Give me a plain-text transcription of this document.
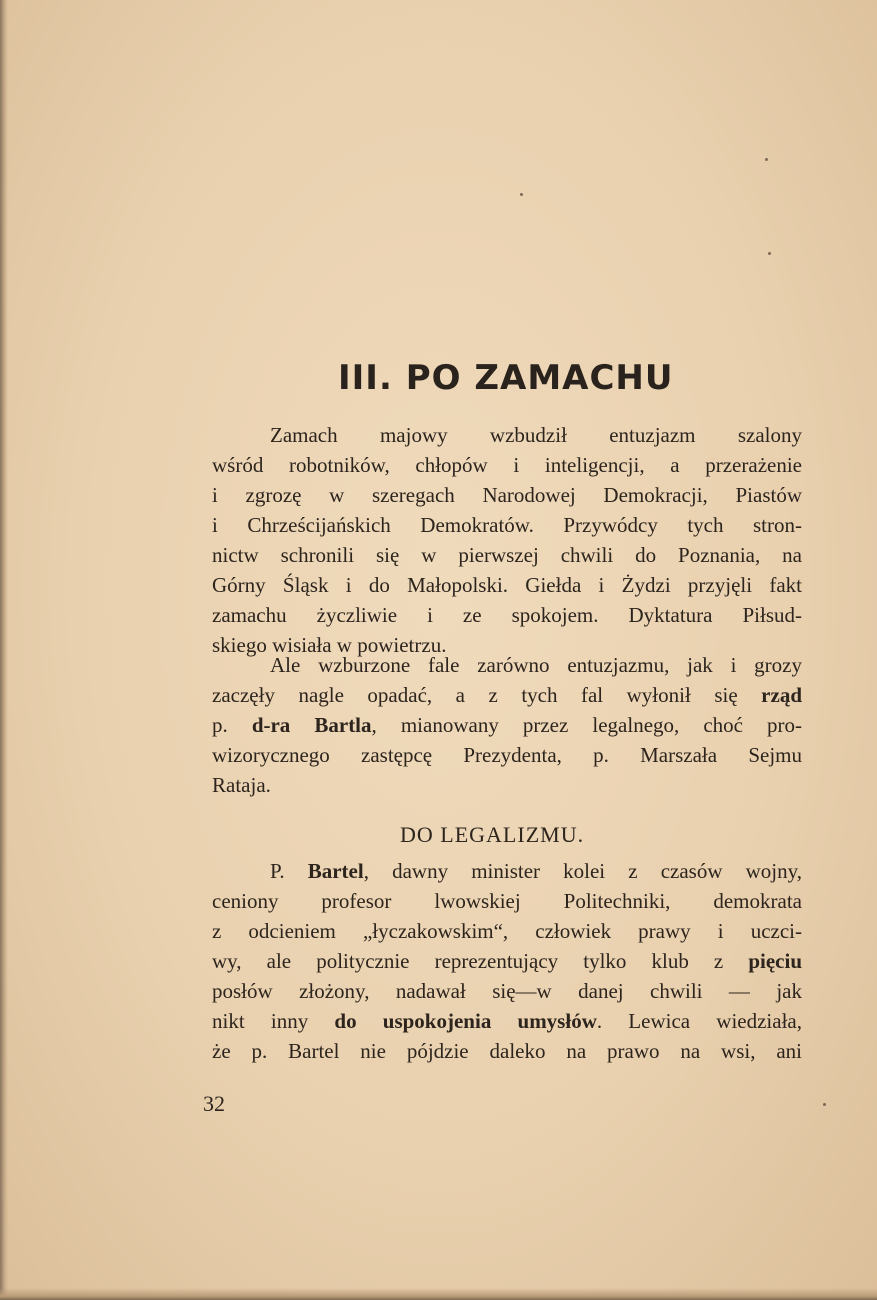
III. PO ZAMACHU
Zamach majowy wzbudził entuzjazm szalony
wśród robotników, chłopów i inteligencji, a przerażenie
i zgrozę w szeregach Narodowej Demokracji, Piastów
i Chrześcijańskich Demokratów. Przywódcy tych stron-
nictw schronili się w pierwszej chwili do Poznania, na
Górny Śląsk i do Małopolski. Giełda i Żydzi przyjęli fakt
zamachu życzliwie i ze spokojem. Dyktatura Piłsud-
skiego wisiała w powietrzu.
Ale wzburzone fale zarówno entuzjazmu, jak i grozy
zaczęły nagle opadać, a z tych fal wyłonił się rząd
p. d-ra Bartla, mianowany przez legalnego, choć pro-
wizorycznego zastępcę Prezydenta, p. Marszała Sejmu
Rataja.
DO LEGALIZMU.
P. Bartel, dawny minister kolei z czasów wojny,
ceniony profesor lwowskiej Politechniki, demokrata
z odcieniem „łyczakowskim“, człowiek prawy i uczci-
wy, ale politycznie reprezentujący tylko klub z pięciu
posłów złożony, nadawał się—w danej chwili — jak
nikt inny do uspokojenia umysłów. Lewica wiedziała,
że p. Bartel nie pójdzie daleko na prawo na wsi, ani
32
